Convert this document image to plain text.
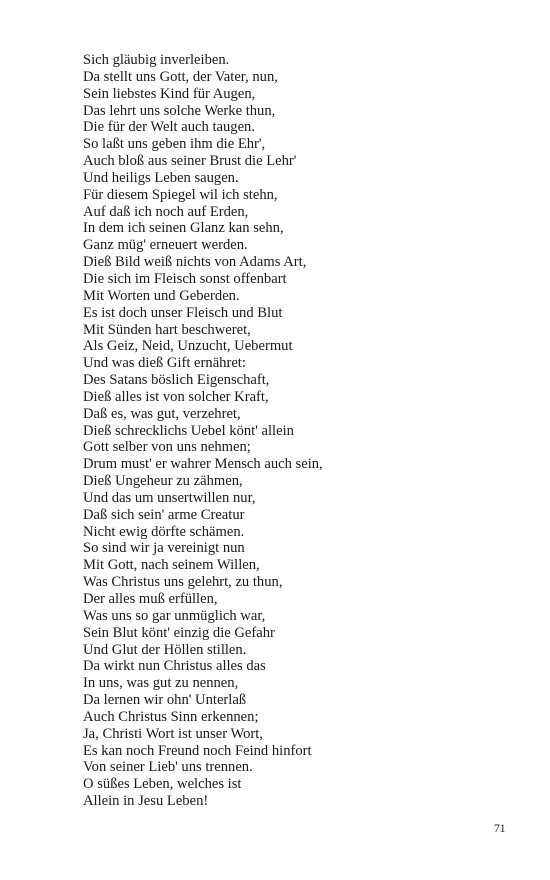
Sich gläubig inverleiben.
Da stellt uns Gott, der Vater, nun,
Sein liebstes Kind für Augen,
Das lehrt uns solche Werke thun,
Die für der Welt auch taugen.
So laßt uns geben ihm die Ehr',
Auch bloß aus seiner Brust die Lehr'
Und heiligs Leben saugen.
Für diesem Spiegel wil ich stehn,
Auf daß ich noch auf Erden,
In dem ich seinen Glanz kan sehn,
Ganz müg' erneuert werden.
Dieß Bild weiß nichts von Adams Art,
Die sich im Fleisch sonst offenbart
Mit Worten und Geberden.
Es ist doch unser Fleisch und Blut
Mit Sünden hart beschweret,
Als Geiz, Neid, Unzucht, Uebermut
Und was dieß Gift ernähret:
Des Satans böslich Eigenschaft,
Dieß alles ist von solcher Kraft,
Daß es, was gut, verzehret,
Dieß schrecklichs Uebel könt' allein
Gott selber von uns nehmen;
Drum must' er wahrer Mensch auch sein,
Dieß Ungeheur zu zähmen,
Und das um unsertwillen nur,
Daß sich sein' arme Creatur
Nicht ewig dörfte schämen.
So sind wir ja vereinigt nun
Mit Gott, nach seinem Willen,
Was Christus uns gelehrt, zu thun,
Der alles muß erfüllen,
Was uns so gar unmüglich war,
Sein Blut könt' einzig die Gefahr
Und Glut der Höllen stillen.
Da wirkt nun Christus alles das
In uns, was gut zu nennen,
Da lernen wir ohn' Unterlaß
Auch Christus Sinn erkennen;
Ja, Christi Wort ist unser Wort,
Es kan noch Freund noch Feind hinfort
Von seiner Lieb' uns trennen.
O süßes Leben, welches ist
Allein in Jesu Leben!
71
